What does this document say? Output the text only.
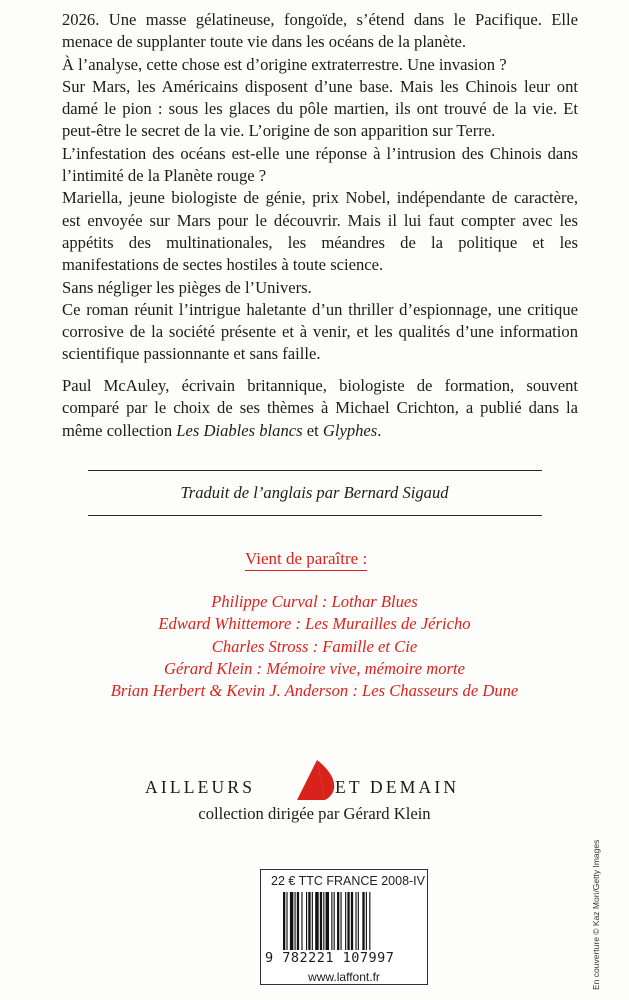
2026. Une masse gélatineuse, fongoïde, s’étend dans le Pacifique. Elle menace de supplanter toute vie dans les océans de la planète.

À l’analyse, cette chose est d’origine extraterrestre. Une invasion ?

Sur Mars, les Américains disposent d’une base. Mais les Chinois leur ont damé le pion : sous les glaces du pôle martien, ils ont trouvé de la vie. Et peut-être le secret de la vie. L’origine de son apparition sur Terre.

L’infestation des océans est-elle une réponse à l’intrusion des Chinois dans l’intimité de la Planète rouge ?

Mariella, jeune biologiste de génie, prix Nobel, indépendante de caractère, est envoyée sur Mars pour le découvrir. Mais il lui faut compter avec les appétits des multinationales, les méandres de la politique et les manifestations de sectes hostiles à toute science.

Sans négliger les pièges de l’Univers.

Ce roman réunit l’intrigue haletante d’un thriller d’espionnage, une critique corrosive de la société présente et à venir, et les qualités d’une information scientifique passionnante et sans faille.

Paul McAuley, écrivain britannique, biologiste de formation, souvent comparé par le choix de ses thèmes à Michael Crichton, a publié dans la même collection Les Diables blancs et Glyphes.

Traduit de l’anglais par Bernard Sigaud
Vient de paraître :
Philippe Curval : Lothar Blues
Edward Whittemore : Les Murailles de Jéricho
Charles Stross : Famille et Cie
Gérard Klein : Mémoire vive, mémoire morte
Brian Herbert & Kevin J. Anderson : Les Chasseurs de Dune
AILLEURS	ET DEMAIN
collection dirigée par Gérard Klein
22 € TTC FRANCE 2008-IV
9 782221 107997
www.laffont.fr	En couverture © Kaz Mori/Getty Images
